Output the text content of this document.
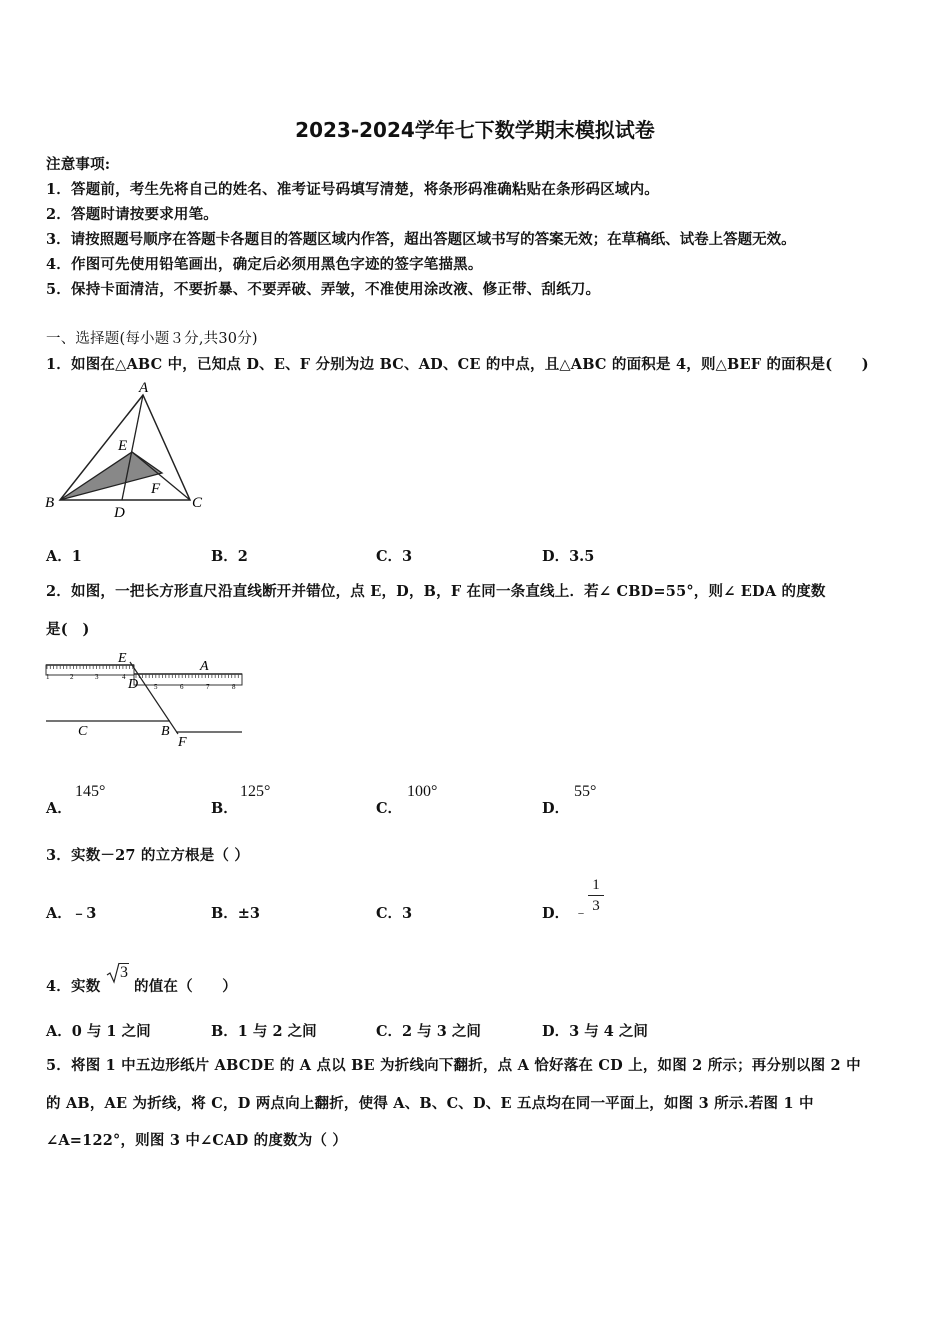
2023-2024学年七下数学期末模拟试卷
注意事项:
1．答题前，考生先将自己的姓名、准考证号码填写清楚，将条形码准确粘贴在条形码区域内。
2．答题时请按要求用笔。
3．请按照题号顺序在答题卡各题目的答题区域内作答，超出答题区域书写的答案无效；在草稿纸、试卷上答题无效。
4．作图可先使用铅笔画出，确定后必须用黑色字迹的签字笔描黑。
5．保持卡面清洁，不要折暴、不要弄破、弄皱，不准使用涂改液、修正带、刮纸刀。
一、选择题(每小题３分,共30分)
1．如图在△ABC 中，已知点 D、E、F 分别为边 BC、AD、CE 的中点，且△ABC 的面积是 4，则△BEF 的面积是(　　)
A
B	C
D
E
F
A．1	B．2	C．3	D．3.5
2．如图，一把长方形直尺沿直线断开并错位，点 E，D，B，F 在同一条直线上．若∠ CBD=55°，则∠ EDA 的度数
是(　)
1	2	3	4
5	6	7	8
E
A
D
C	B
F
A．
145°
B．
125°
C．
100°
D．
55°
3．实数－27 的立方根是（ ）
A．﹣3	B．±3	C．3	D． ﹣
1
3
4．实数
3
的值在（　　）
A．0 与 1 之间	B．1 与 2 之间	C．2 与 3 之间	D．3 与 4 之间
5．将图 1 中五边形纸片 ABCDE 的 A 点以 BE 为折线向下翻折，点 A 恰好落在 CD 上，如图 2 所示；再分别以图 2 中
的 AB，AE 为折线，将 C，D 两点向上翻折，使得 A、B、C、D、E 五点均在同一平面上，如图 3 所示.若图 1 中
∠A=122°，则图 3 中∠CAD 的度数为（ ）
